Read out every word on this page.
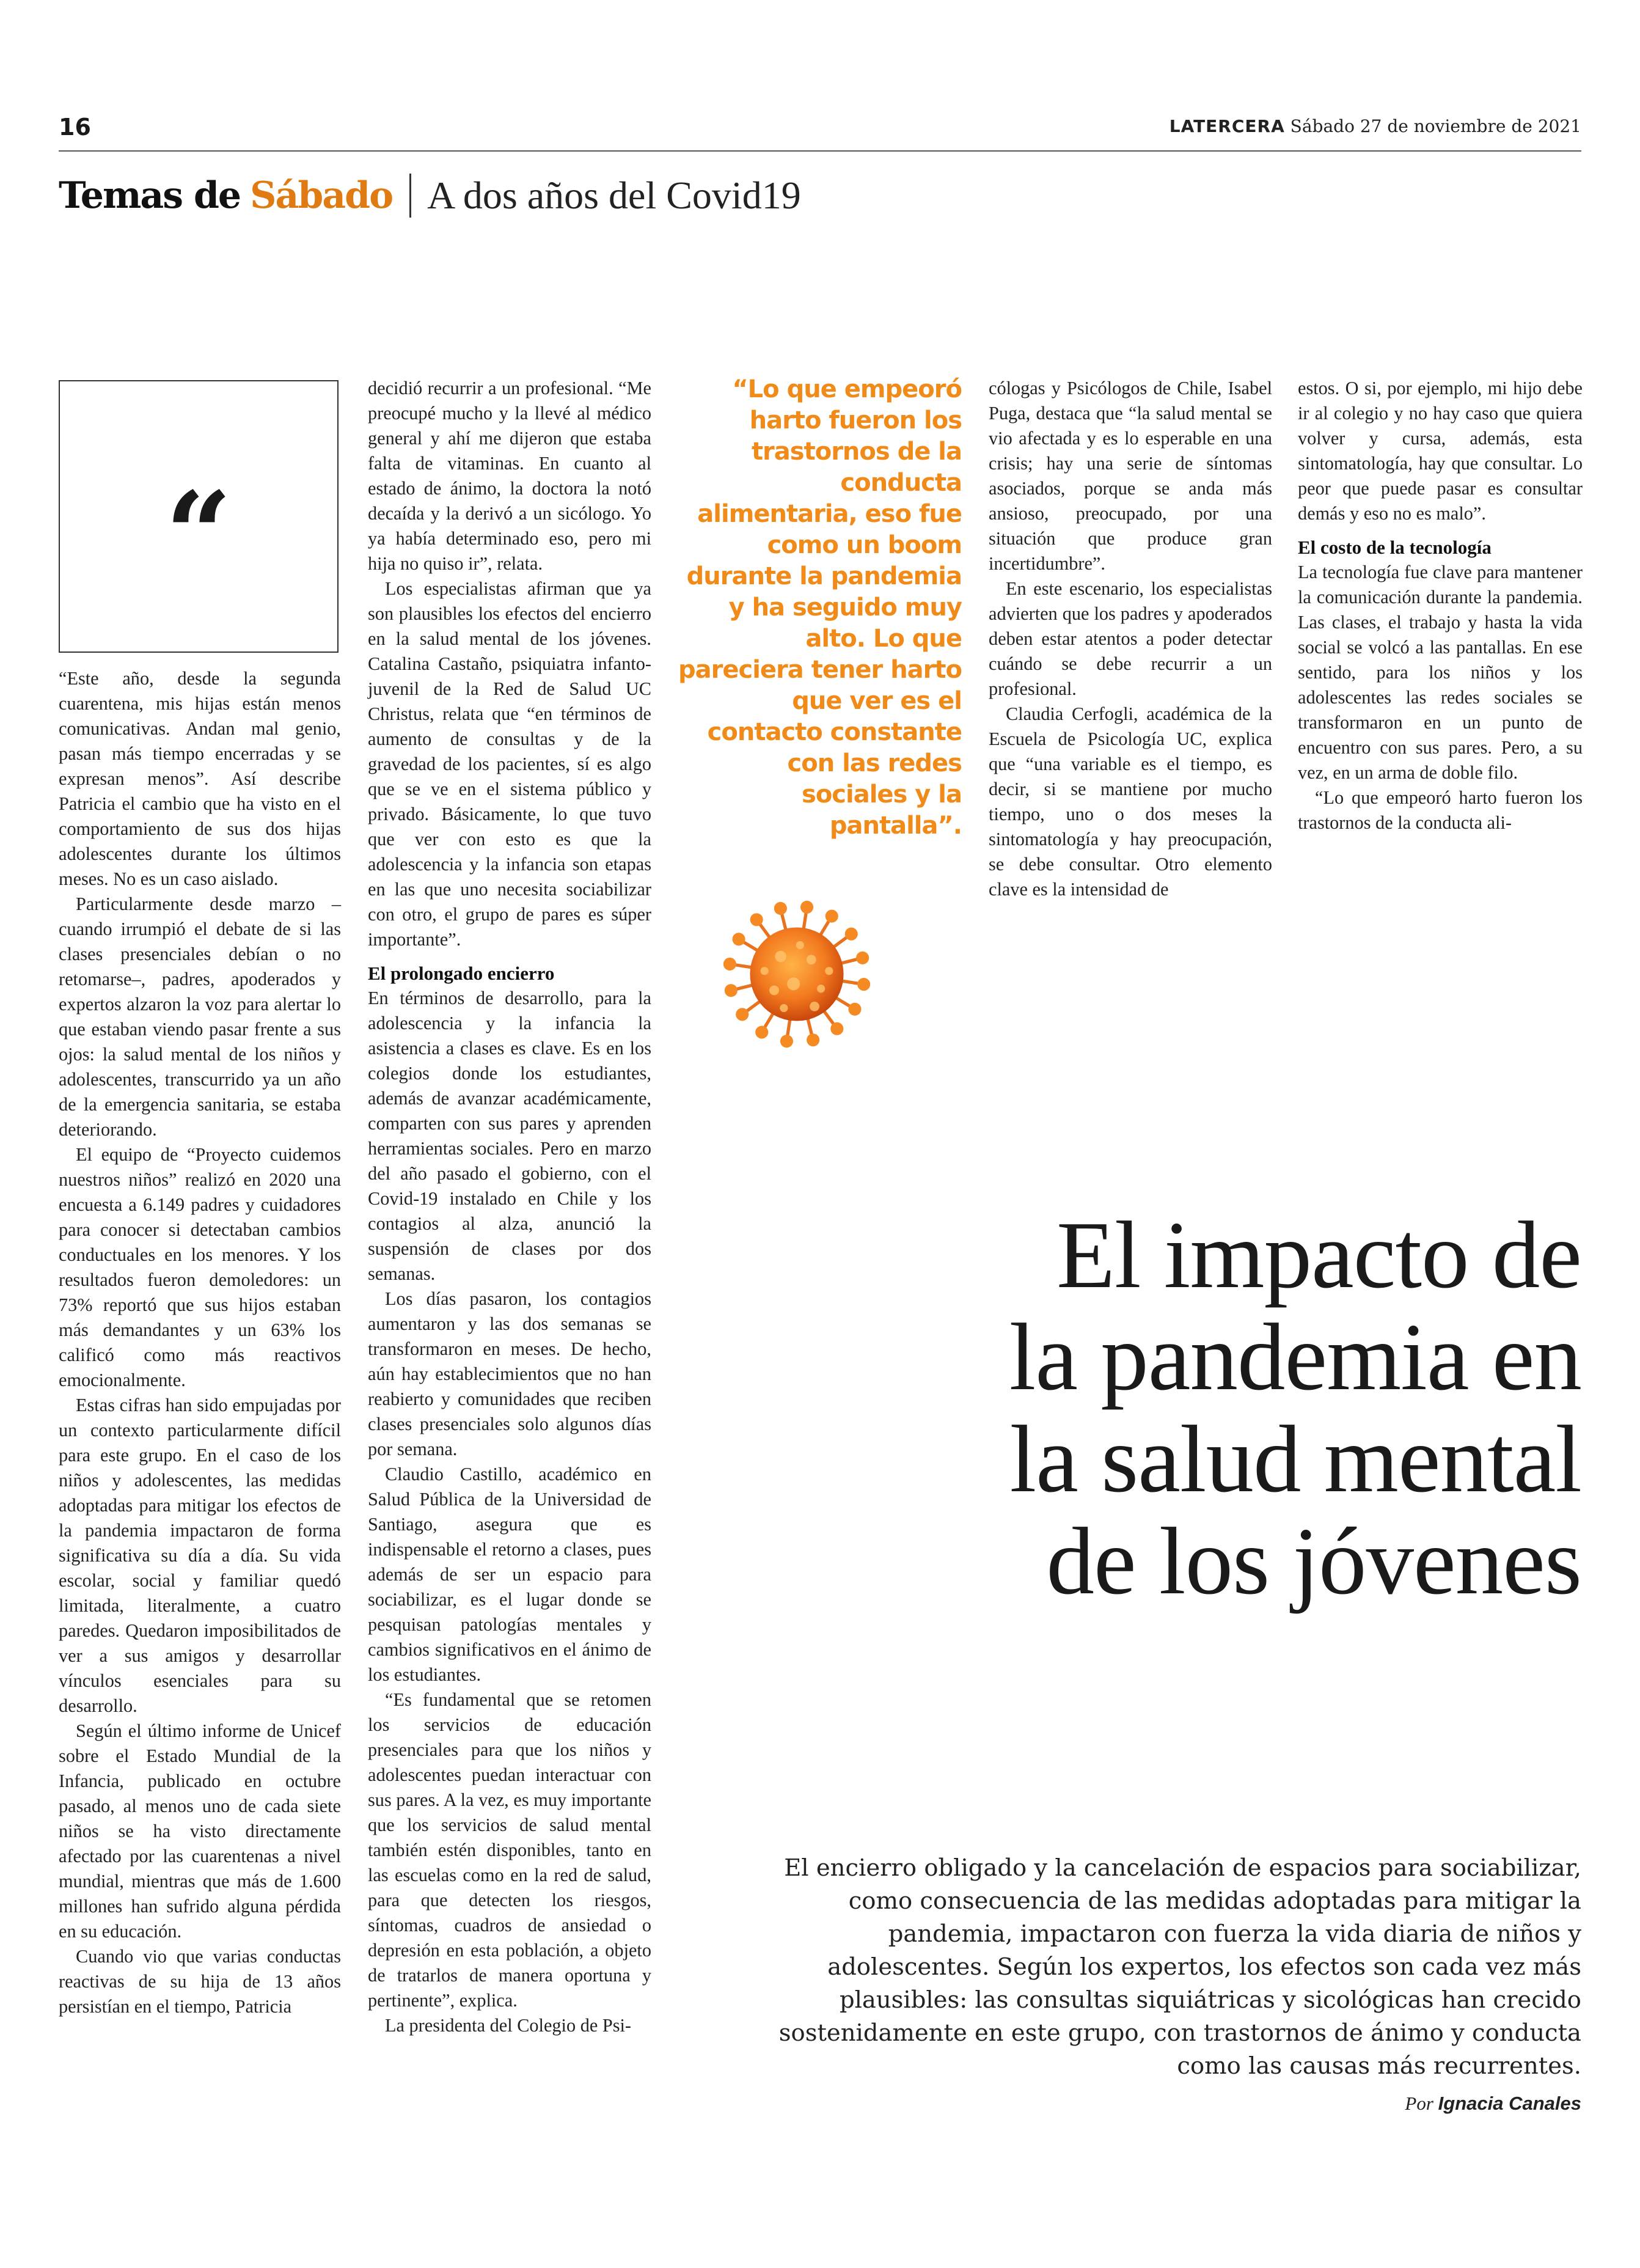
16	LATERCERA Sábado 27 de noviembre de 2021
Temas de Sábado A dos años del Covid19
“

“Este año, desde la segunda cuarentena, mis hijas están menos comunicativas. Andan mal genio, pasan más tiempo encerradas y se expresan menos”. Así describe Patricia el cambio que ha visto en el comportamiento de sus dos hijas adolescentes durante los últimos meses. No es un caso aislado.

Particularmente desde marzo –cuando irrumpió el debate de si las clases presenciales debían o no retomarse–, padres, apoderados y expertos alzaron la voz para alertar lo que estaban viendo pasar frente a sus ojos: la salud mental de los niños y adolescentes, transcurrido ya un año de la emergencia sanitaria, se estaba deteriorando.

El equipo de “Proyecto cuidemos nuestros niños” realizó en 2020 una encuesta a 6.149 padres y cuidadores para conocer si detectaban cambios conductuales en los menores. Y los resultados fueron demoledores: un 73% reportó que sus hijos estaban más demandantes y un 63% los calificó como más reactivos emocionalmente.

Estas cifras han sido empujadas por un contexto particularmente difícil para este grupo. En el caso de los niños y adolescentes, las medidas adoptadas para mitigar los efectos de la pandemia impactaron de forma significativa su día a día. Su vida escolar, social y familiar quedó limitada, literalmente, a cuatro paredes. Quedaron imposibilitados de ver a sus amigos y desarrollar vínculos esenciales para su desarrollo.

Según el último informe de Unicef sobre el Estado Mundial de la Infancia, publicado en octubre pasado, al menos uno de cada siete niños se ha visto directamente afectado por las cuarentenas a nivel mundial, mientras que más de 1.600 millones han sufrido alguna pérdida en su educación.

Cuando vio que varias conductas reactivas de su hija de 13 años persistían en el tiempo, Patricia

decidió recurrir a un profesional. “Me preocupé mucho y la llevé al médico general y ahí me dijeron que estaba falta de vitaminas. En cuanto al estado de ánimo, la doctora la notó decaída y la derivó a un sicólogo. Yo ya había determinado eso, pero mi hija no quiso ir”, relata.

Los especialistas afirman que ya son plausibles los efectos del encierro en la salud mental de los jóvenes. Catalina Castaño, psiquiatra infanto-juvenil de la Red de Salud UC Christus, relata que “en términos de aumento de consultas y de la gravedad de los pacientes, sí es algo que se ve en el sistema público y privado. Básicamente, lo que tuvo que ver con esto es que la adolescencia y la infancia son etapas en las que uno necesita sociabilizar con otro, el grupo de pares es súper importante”.

El prolongado encierro

En términos de desarrollo, para la adolescencia y la infancia la asistencia a clases es clave. Es en los colegios donde los estudiantes, además de avanzar académicamente, comparten con sus pares y aprenden herramientas sociales. Pero en marzo del año pasado el gobierno, con el Covid-19 instalado en Chile y los contagios al alza, anunció la suspensión de clases por dos semanas.

Los días pasaron, los contagios aumentaron y las dos semanas se transformaron en meses. De hecho, aún hay establecimientos que no han reabierto y comunidades que reciben clases presenciales solo algunos días por semana.

Claudio Castillo, académico en Salud Pública de la Universidad de Santiago, asegura que es indispensable el retorno a clases, pues además de ser un espacio para sociabilizar, es el lugar donde se pesquisan patologías mentales y cambios significativos en el ánimo de los estudiantes.

“Es fundamental que se retomen los servicios de educación presenciales para que los niños y adolescentes puedan interactuar con sus pares. A la vez, es muy importante que los servicios de salud mental también estén disponibles, tanto en las escuelas como en la red de salud, para que detecten los riesgos, síntomas, cuadros de ansiedad o depresión en esta población, a objeto de tratarlos de manera oportuna y pertinente”, explica.

La presidenta del Colegio de Psi-

“Lo que empeoró harto fueron los trastornos de la conducta alimentaria, eso fue como un boom durante la pandemia y ha seguido muy alto. Lo que pareciera tener harto que ver es el contacto constante con las redes sociales y la pantalla”.

cólogas y Psicólogos de Chile, Isabel Puga, destaca que “la salud mental se vio afectada y es lo esperable en una crisis; hay una serie de síntomas asociados, porque se anda más ansioso, preocupado, por una situación que produce gran incertidumbre”.

En este escenario, los especialistas advierten que los padres y apoderados deben estar atentos a poder detectar cuándo se debe recurrir a un profesional.

Claudia Cerfogli, académica de la Escuela de Psicología UC, explica que “una variable es el tiempo, es decir, si se mantiene por mucho tiempo, uno o dos meses la sintomatología y hay preocupación, se debe consultar. Otro elemento clave es la intensidad de

estos. O si, por ejemplo, mi hijo debe ir al colegio y no hay caso que quiera volver y cursa, además, esta sintomatología, hay que consultar. Lo peor que puede pasar es consultar demás y eso no es malo”.

El costo de la tecnología

La tecnología fue clave para mantener la comunicación durante la pandemia. Las clases, el trabajo y hasta la vida social se volcó a las pantallas. En ese sentido, para los niños y los adolescentes las redes sociales se transformaron en un punto de encuentro con sus pares. Pero, a su vez, en un arma de doble filo.

“Lo que empeoró harto fueron los trastornos de la conducta ali-

El impacto de
la pandemia en
la salud mental
de los jóvenes
El encierro obligado y la cancelación de espacios para sociabilizar, como consecuencia de las medidas adoptadas para mitigar la pandemia, impactaron con fuerza la vida diaria de niños y adolescentes. Según los expertos, los efectos son cada vez más plausibles: las consultas siquiátricas y sicológicas han crecido sostenidamente en este grupo, con trastornos de ánimo y conducta como las causas más recurrentes.
Por Ignacia Canales
